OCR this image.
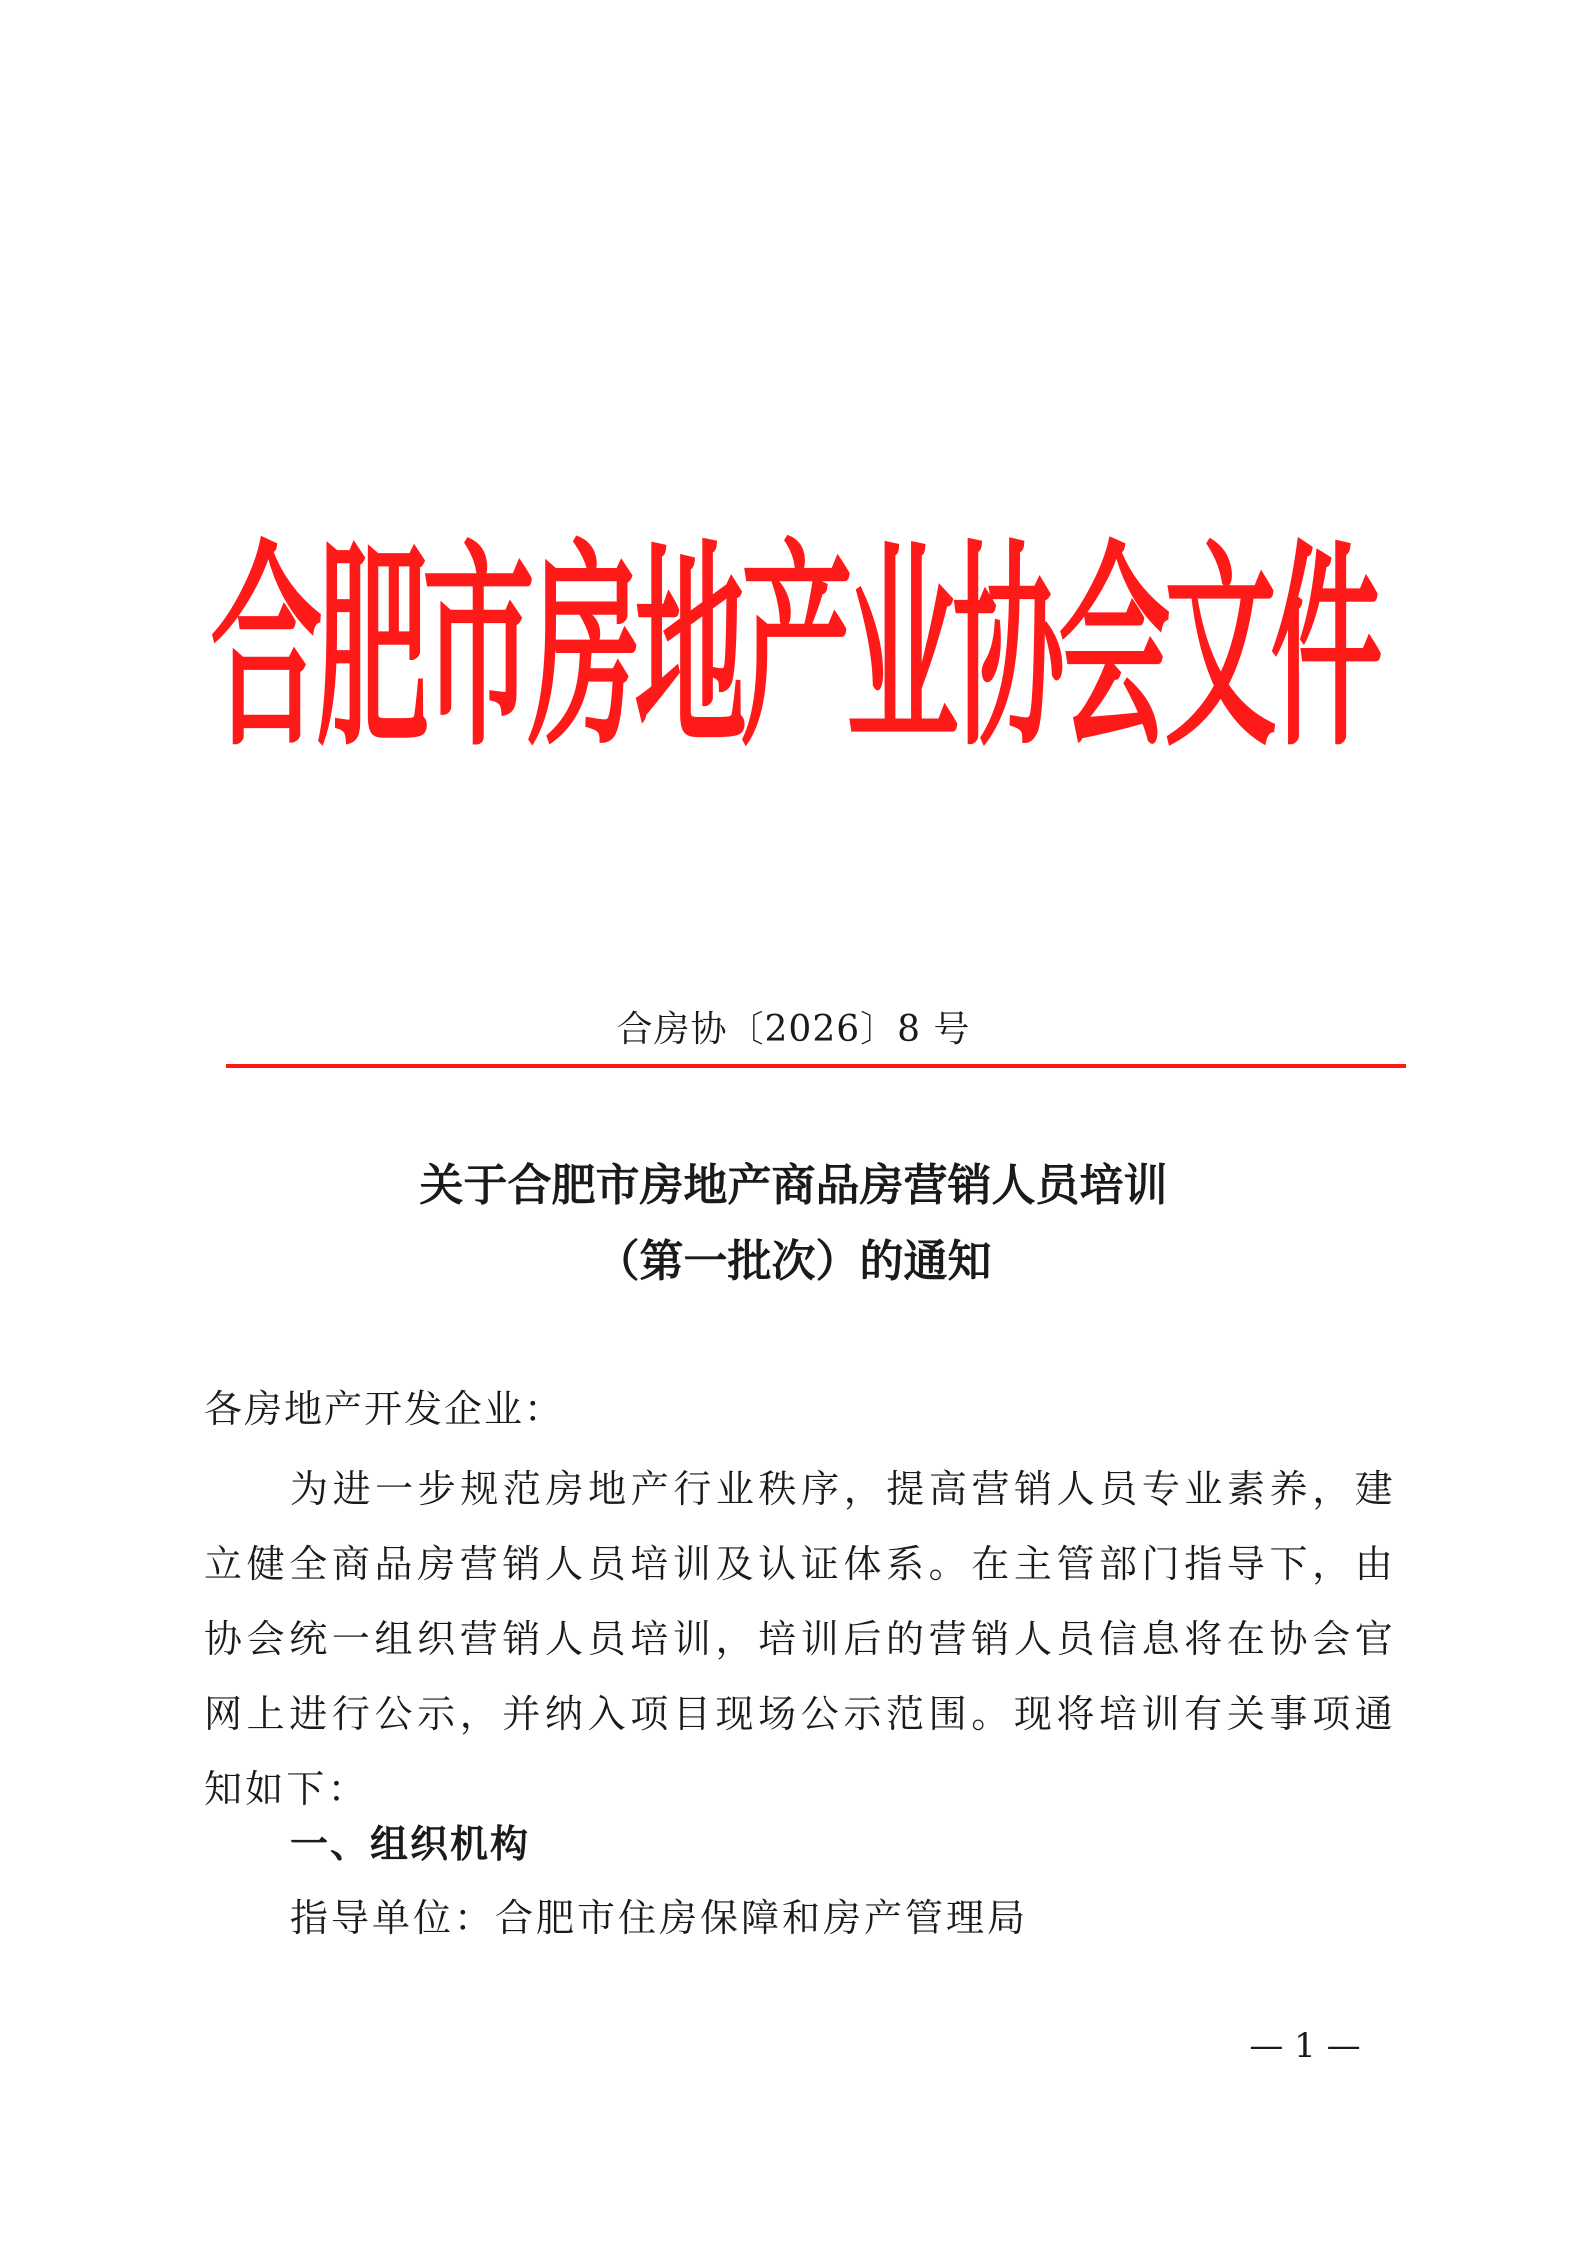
合肥市房地产业协会文件
合房协〔2026〕8 号
关于合肥市房地产商品房营销人员培训
（第一批次）的通知
各房地产开发企业：

为进一步规范房地产行业秩序，提高营销人员专业素养，建立健全商品房营销人员培训及认证体系。在主管部门指导下，由协会统一组织营销人员培训，培训后的营销人员信息将在协会官网上进行公示，并纳入项目现场公示范围。现将培训有关事项通知如下：

一、组织机构
指导单位：合肥市住房保障和房产管理局
— 1 —
